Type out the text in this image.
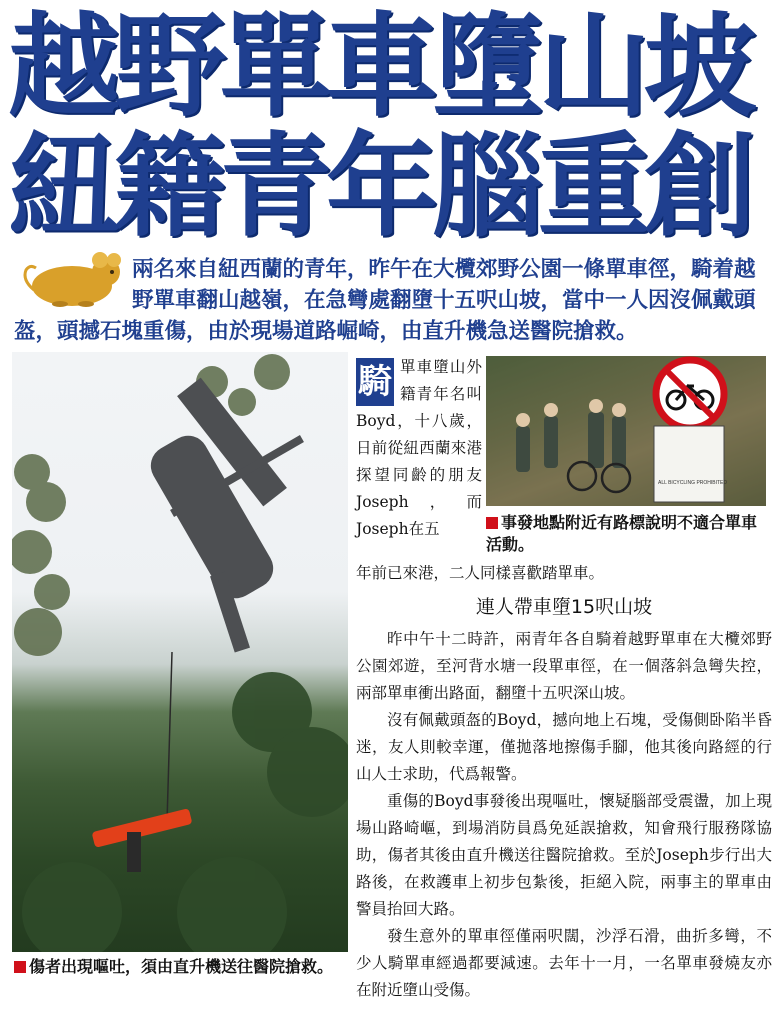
越野單車墮山坡
紐籍青年腦重創
兩名來自紐西蘭的青年，昨午在大欖郊野公園一條單車徑，騎着越野單車翻山越嶺，在急彎處翻墮十五呎山坡，當中一人因沒佩戴頭盔，頭撼石塊重傷，由於現場道路崛崎，由直升機急送醫院搶救。
ALL BICYCLING PROHIBITED
傷者出現嘔吐，須由直升機送往醫院搶救。
事發地點附近有路標說明不適合單車活動。
騎 單車墮山外籍青年名叫Boyd，十八歲，日前從紐西蘭來港探望同齡的朋友Joseph，而Joseph在五
年前已來港，二人同樣喜歡踏單車。
連人帶車墮15呎山坡

昨中午十二時許，兩青年各自騎着越野單車在大欖郊野公園郊遊，至河背水塘一段單車徑，在一個落斜急彎失控，兩部單車衝出路面，翻墮十五呎深山坡。

沒有佩戴頭盔的Boyd，撼向地上石塊，受傷側卧陷半昏迷，友人則較幸運，僅拋落地擦傷手腳，他其後向路經的行山人士求助，代爲報警。

重傷的Boyd事發後出現嘔吐，懷疑腦部受震盪，加上現場山路崎嶇，到場消防員爲免延誤搶救，知會飛行服務隊協助，傷者其後由直升機送往醫院搶救。至於Joseph步行出大路後，在救護車上初步包紮後，拒絕入院，兩事主的單車由警員抬回大路。

發生意外的單車徑僅兩呎闊，沙浮石滑，曲折多彎，不少人騎單車經過都要減速。去年十一月，一名單車發燒友亦在附近墮山受傷。
